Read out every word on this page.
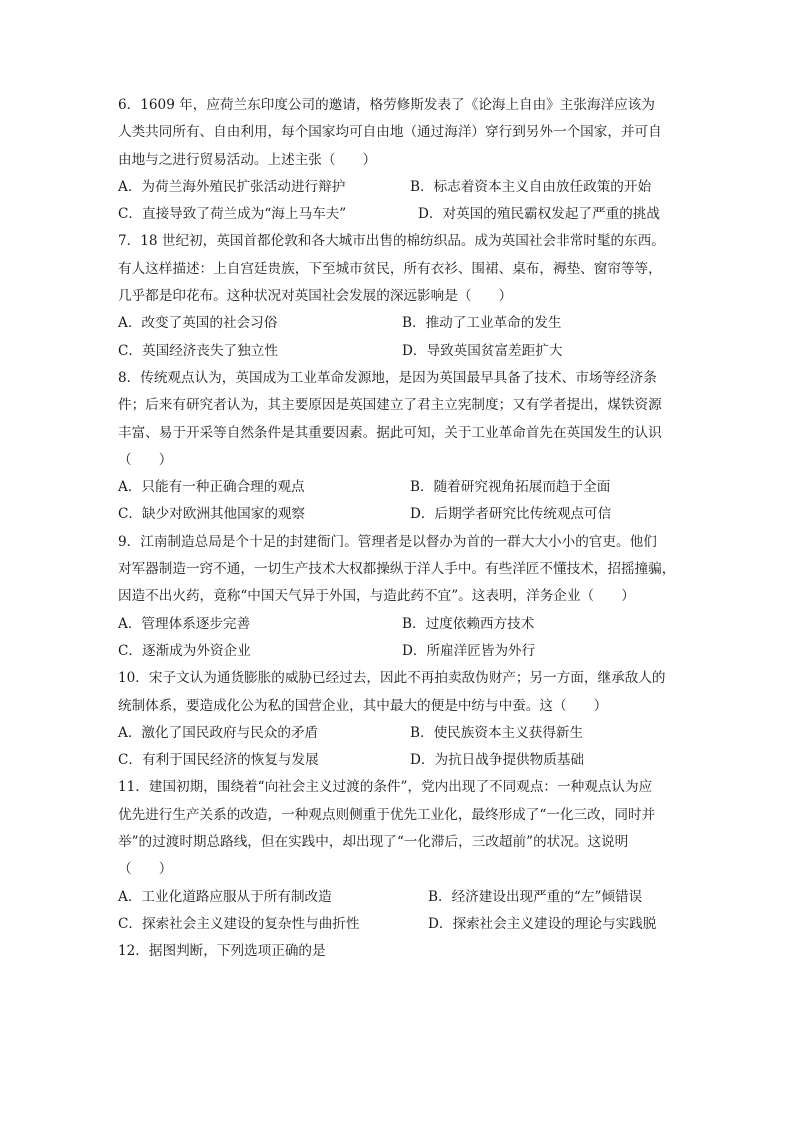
6．1609 年，应荷兰东印度公司的邀请，格劳修斯发表了《论海上自由》主张海洋应该为
人类共同所有、自由利用，每个国家均可自由地（通过海洋）穿行到另外一个国家，并可自
由地与之进行贸易活动。上述主张（　　）
A．为荷兰海外殖民扩张活动进行辩护	B．标志着资本主义自由放任政策的开始
C．直接导致了荷兰成为“海上马车夫”	D．对英国的殖民霸权发起了严重的挑战
7．18 世纪初，英国首都伦敦和各大城市出售的棉纺织品。成为英国社会非常时髦的东西。
有人这样描述：上自宫廷贵族，下至城市贫民，所有衣衫、围裙、桌布，褥垫、窗帘等等，
几乎都是印花布。这种状况对英国社会发展的深远影响是（　　）
A．改变了英国的社会习俗	B．推动了工业革命的发生
C．英国经济丧失了独立性	D．导致英国贫富差距扩大
8．传统观点认为，英国成为工业革命发源地，是因为英国最早具备了技术、市场等经济条
件；后来有研究者认为，其主要原因是英国建立了君主立宪制度；又有学者提出，煤铁资源
丰富、易于开采等自然条件是其重要因素。据此可知，关于工业革命首先在英国发生的认识
（　　）
A．只能有一种正确合理的观点	B．随着研究视角拓展而趋于全面
C．缺少对欧洲其他国家的观察	D．后期学者研究比传统观点可信
9．江南制造总局是个十足的封建衙门。管理者是以督办为首的一群大大小小的官吏。他们
对军器制造一窍不通，一切生产技术大权都操纵于洋人手中。有些洋匠不懂技术，招摇撞骗，
因造不出火药，竟称“中国天气异于外国，与造此药不宜”。这表明，洋务企业（　　）
A．管理体系逐步完善	B．过度依赖西方技术
C．逐渐成为外资企业	D．所雇洋匠皆为外行
10．宋子文认为通货膨胀的威胁已经过去，因此不再拍卖敌伪财产；另一方面，继承敌人的
统制体系，要造成化公为私的国营企业，其中最大的便是中纺与中蚕。这（　　）
A．激化了国民政府与民众的矛盾	B．使民族资本主义获得新生
C．有利于国民经济的恢复与发展	D．为抗日战争提供物质基础
11．建国初期，围绕着“向社会主义过渡的条件”，党内出现了不同观点：一种观点认为应
优先进行生产关系的改造，一种观点则侧重于优先工业化，最终形成了“一化三改，同时并
举”的过渡时期总路线，但在实践中，却出现了“一化滞后，三改超前”的状况。这说明
（　　）
A．工业化道路应服从于所有制改造	B．经济建设出现严重的“左”倾错误
C．探索社会主义建设的复杂性与曲折性	D．探索社会主义建设的理论与实践脱
12．据图判断，下列选项正确的是
